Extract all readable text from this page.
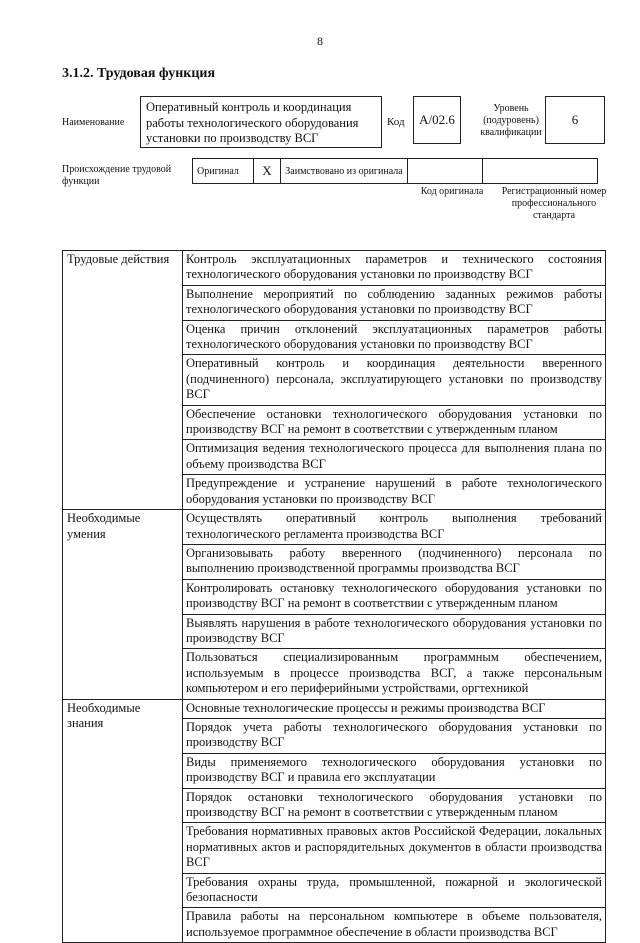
8
3.1.2. Трудовая функция
Наименование
Оперативный контроль и координация работы технологического оборудования установки по производству ВСГ
Код	А/02.6
Уровень (подуровень) квалификации
6
Происхождение трудовой функции
Оригинал	Х	Заимствовано из оригинала		
Код оригинала	Регистрационный номер профессионального стандарта
Трудовые действия	Контроль эксплуатационных параметров и технического состояния технологического оборудования установки по производству ВСГ
	Выполнение мероприятий по соблюдению заданных режимов работы технологического оборудования установки по производству ВСГ
	Оценка причин отклонений эксплуатационных параметров работы технологического оборудования установки по производству ВСГ
	Оперативный контроль и координация деятельности вверенного (подчиненного) персонала, эксплуатирующего установки по производству ВСГ
	Обеспечение остановки технологического оборудования установки по производству ВСГ на ремонт в соответствии с утвержденным планом
	Оптимизация ведения технологического процесса для выполнения плана по объему производства ВСГ
	Предупреждение и устранение нарушений в работе технологического оборудования установки по производству ВСГ
Необходимые умения	Осуществлять оперативный контроль выполнения требований технологического регламента производства ВСГ
	Организовывать работу вверенного (подчиненного) персонала по выполнению производственной программы производства ВСГ
	Контролировать остановку технологического оборудования установки по производству ВСГ на ремонт в соответствии с утвержденным планом
	Выявлять нарушения в работе технологического оборудования установки по производству ВСГ
	Пользоваться специализированным программным обеспечением, используемым в процессе производства ВСГ, а также персональным компьютером и его периферийными устройствами, оргтехникой
Необходимые знания	Основные технологические процессы и режимы производства ВСГ
	Порядок учета работы технологического оборудования установки по производству ВСГ
	Виды применяемого технологического оборудования установки по производству ВСГ и правила его эксплуатации
	Порядок остановки технологического оборудования установки по производству ВСГ на ремонт в соответствии с утвержденным планом
	Требования нормативных правовых актов Российской Федерации, локальных нормативных актов и распорядительных документов в области производства ВСГ
	Требования охраны труда, промышленной, пожарной и экологической безопасности
	Правила работы на персональном компьютере в объеме пользователя, используемое программное обеспечение в области производства ВСГ
